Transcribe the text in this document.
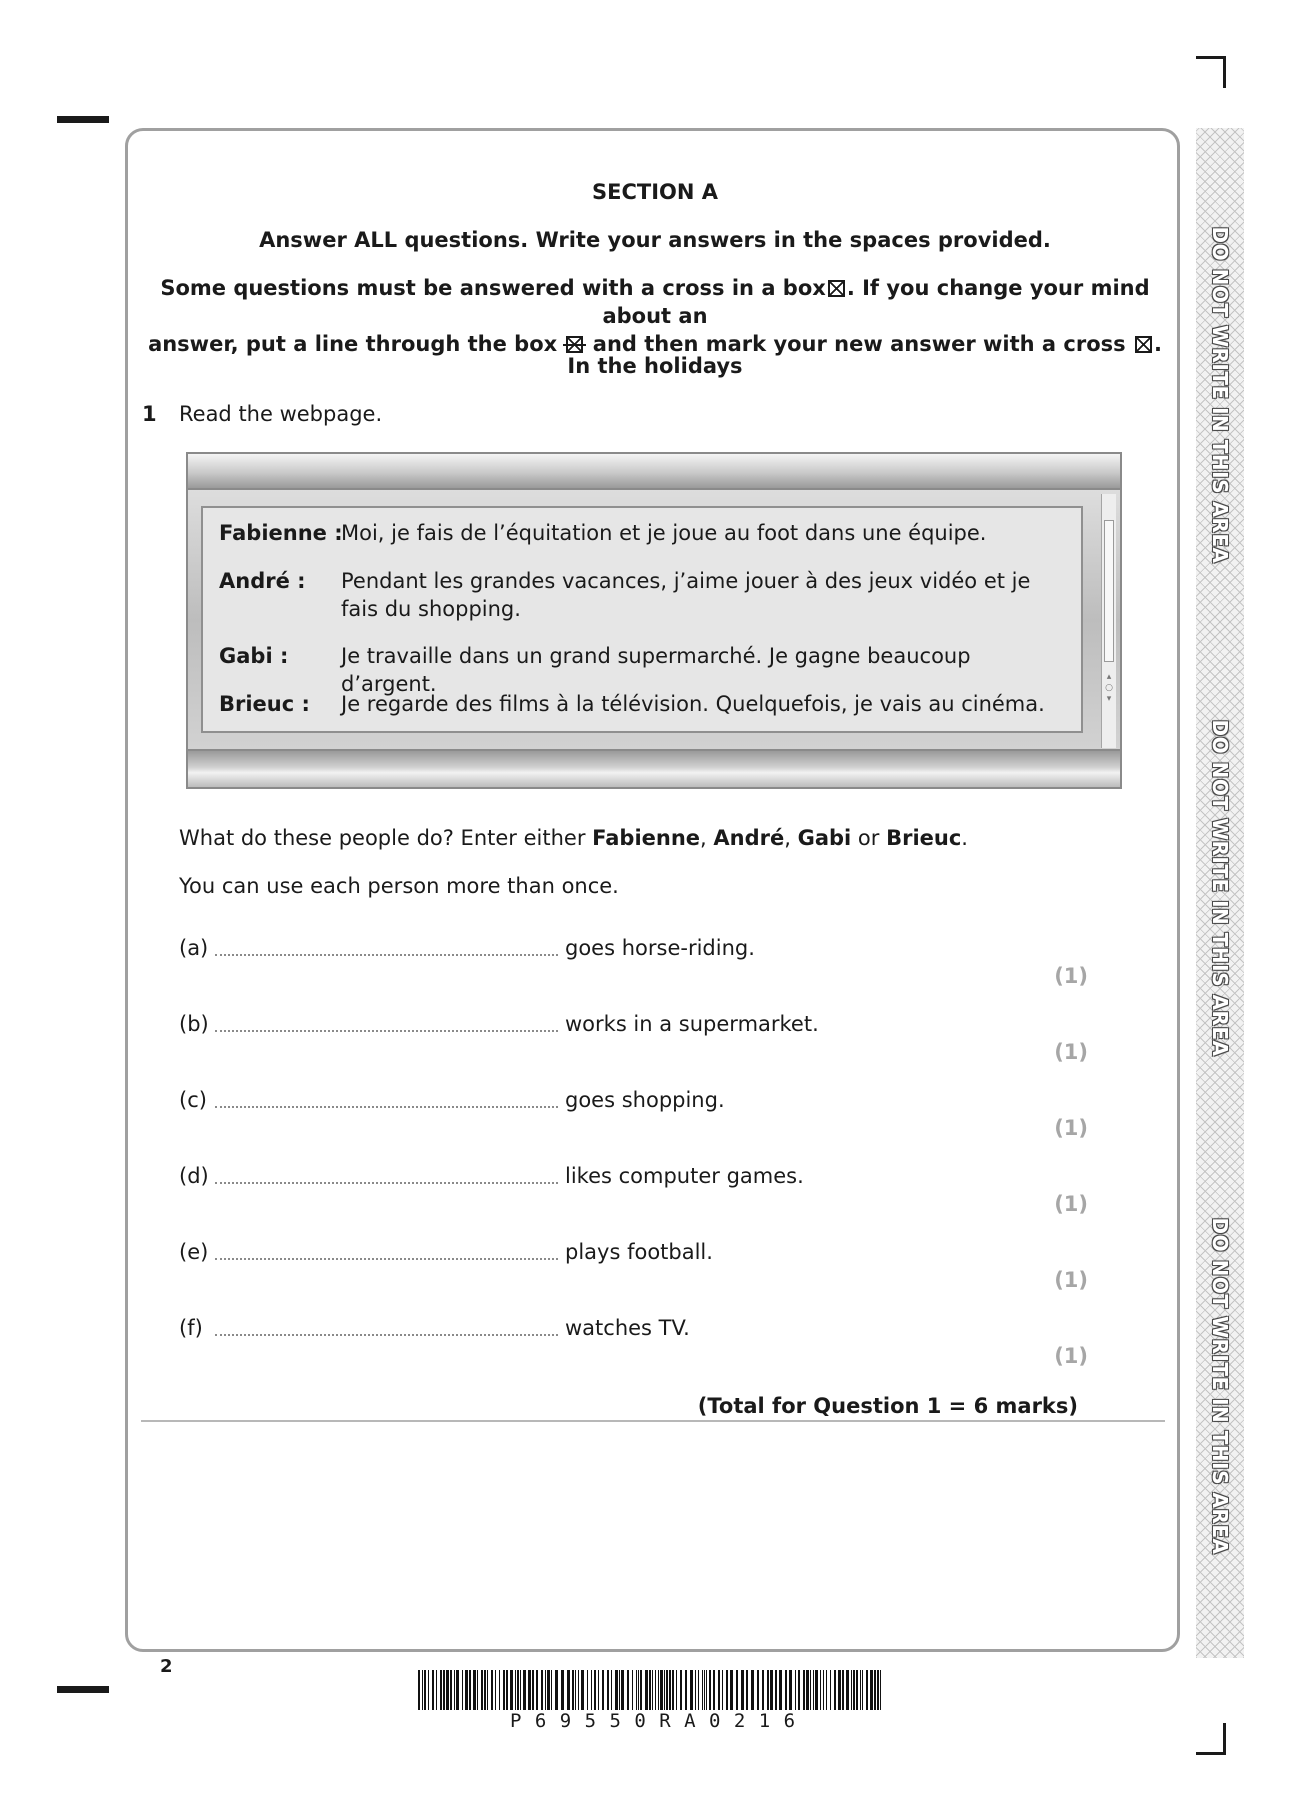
DO NOT WRITE IN THIS AREA
DO NOT WRITE IN THIS AREA
DO NOT WRITE IN THIS AREA
SECTION A
Answer ALL questions. Write your answers in the spaces provided.
Some questions must be answered with a cross in a box ☒ . If you change your mind about an
answer, put a line through the box and then mark your new answer with a cross ☒ .
In the holidays
1 Read the webpage.
Fabienne :
Moi, je fais de l’équitation et je joue au foot dans une équipe.
André : Pendant les grandes vacances, j’aime jouer à des jeux vidéo et je fais du shopping.
Gabi :	Je travaille dans un grand supermarché. Je gagne beaucoup d’argent.
Brieuc : Je regarde des films à la télévision. Quelquefois, je vais au cinéma.
▴
○
▾
What do these people do? Enter either Fabienne, André, Gabi or Brieuc.
You can use each person more than once.
(a)	goes horse-riding.
(1)
(b)	works in a supermarket.
(1)
(c)	goes shopping.
(1)
(d)	likes computer games.
(1)
(e)	plays football.
(1)
(f)	watches TV.
(1)
(Total for Question 1 = 6 marks)
2
P 6 9 5 5 0 R A 0 2 1 6
